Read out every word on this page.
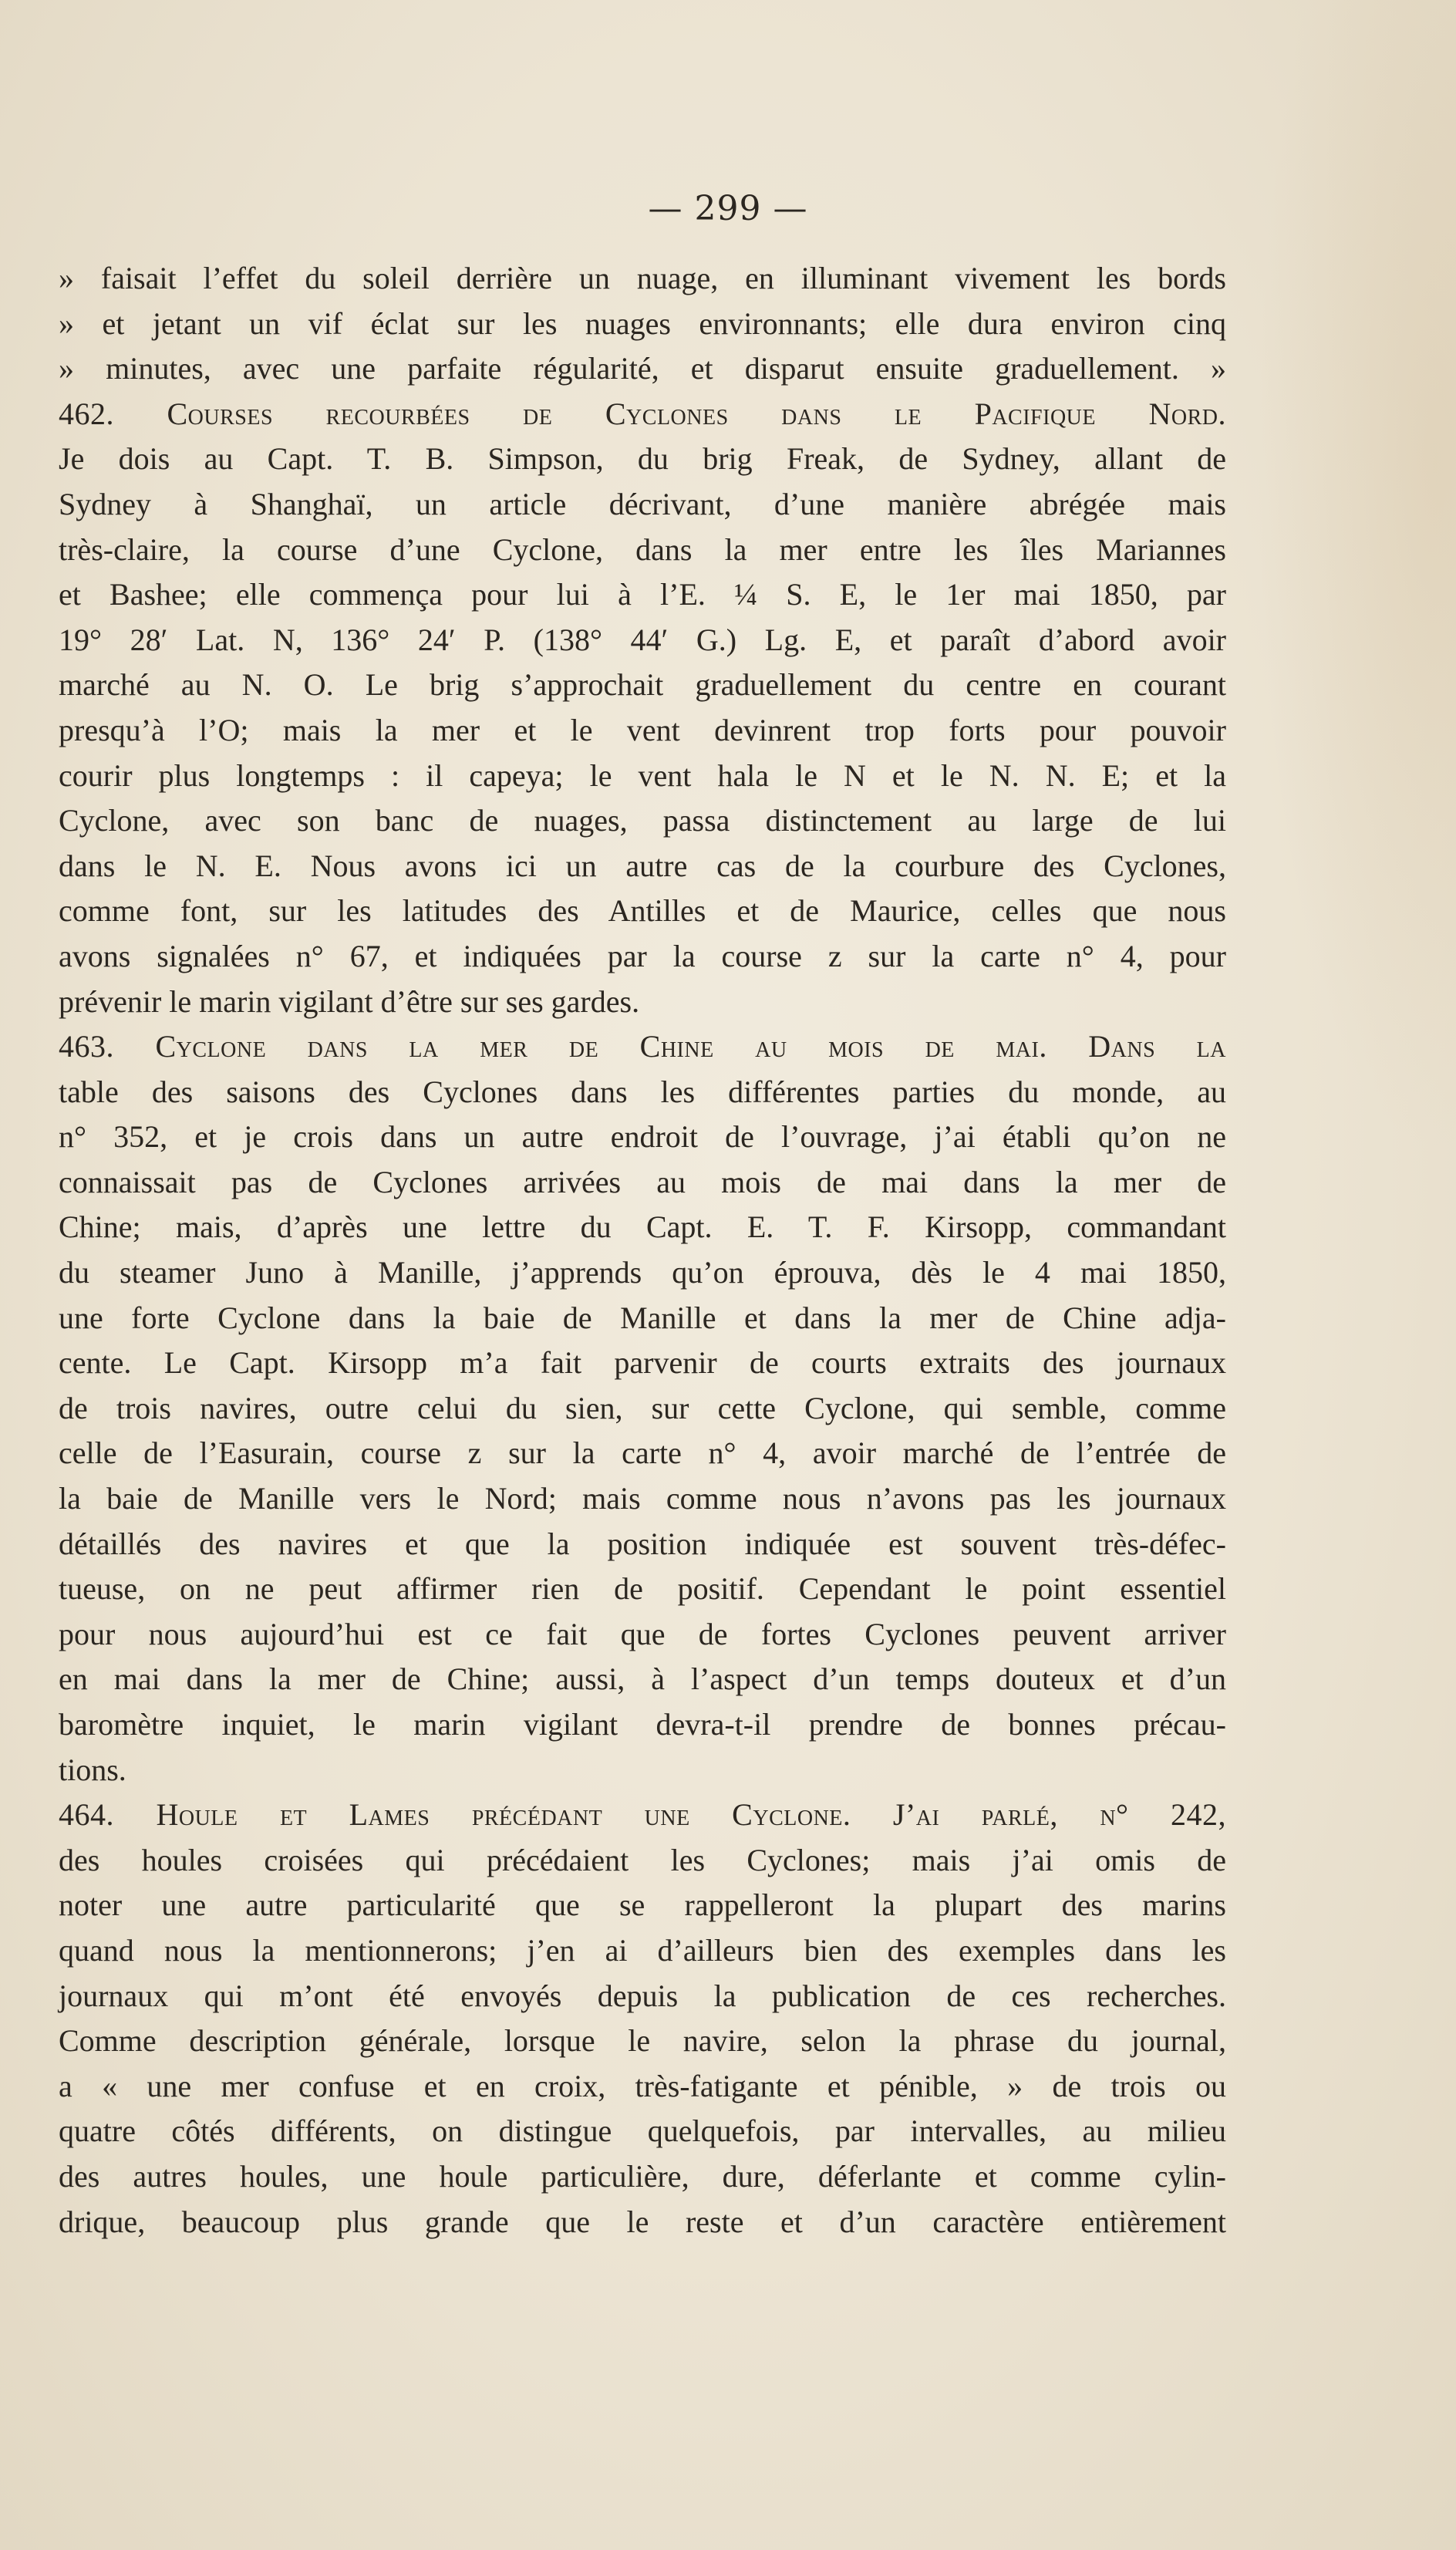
— 299 —
» faisait l’effet du soleil derrière un nuage, en illuminant vivement les bords
» et jetant un vif éclat sur les nuages environnants; elle dura environ cinq
» minutes, avec une parfaite régularité, et disparut ensuite graduellement. »
462. Courses recourbées de Cyclones dans le Pacifique Nord.
Je dois au Capt. T. B. Simpson, du brig Freak, de Sydney, allant de
Sydney à Shanghaï, un article décrivant, d’une manière abrégée mais
très-claire, la course d’une Cyclone, dans la mer entre les îles Mariannes
et Bashee; elle commença pour lui à l’E. ¼ S. E, le 1er mai 1850, par
19° 28′ Lat. N, 136° 24′ P. (138° 44′ G.) Lg. E, et paraît d’abord avoir
marché au N. O. Le brig s’approchait graduellement du centre en courant
presqu’à l’O; mais la mer et le vent devinrent trop forts pour pouvoir
courir plus longtemps : il capeya; le vent hala le N et le N. N. E; et la
Cyclone, avec son banc de nuages, passa distinctement au large de lui
dans le N. E. Nous avons ici un autre cas de la courbure des Cyclones,
comme font, sur les latitudes des Antilles et de Maurice, celles que nous
avons signalées n° 67, et indiquées par la course z sur la carte n° 4, pour
prévenir le marin vigilant d’être sur ses gardes.
463. Cyclone dans la mer de Chine au mois de mai. Dans la
table des saisons des Cyclones dans les différentes parties du monde, au
n° 352, et je crois dans un autre endroit de l’ouvrage, j’ai établi qu’on ne
connaissait pas de Cyclones arrivées au mois de mai dans la mer de
Chine; mais, d’après une lettre du Capt. E. T. F. Kirsopp, commandant
du steamer Juno à Manille, j’apprends qu’on éprouva, dès le 4 mai 1850,
une forte Cyclone dans la baie de Manille et dans la mer de Chine adja-
cente. Le Capt. Kirsopp m’a fait parvenir de courts extraits des journaux
de trois navires, outre celui du sien, sur cette Cyclone, qui semble, comme
celle de l’Easurain, course z sur la carte n° 4, avoir marché de l’entrée de
la baie de Manille vers le Nord; mais comme nous n’avons pas les journaux
détaillés des navires et que la position indiquée est souvent très-défec-
tueuse, on ne peut affirmer rien de positif. Cependant le point essentiel
pour nous aujourd’hui est ce fait que de fortes Cyclones peuvent arriver
en mai dans la mer de Chine; aussi, à l’aspect d’un temps douteux et d’un
baromètre inquiet, le marin vigilant devra-t-il prendre de bonnes précau-
tions.
464. Houle et Lames précédant une Cyclone. J’ai parlé, n° 242,
des houles croisées qui précédaient les Cyclones; mais j’ai omis de
noter une autre particularité que se rappelleront la plupart des marins
quand nous la mentionnerons; j’en ai d’ailleurs bien des exemples dans les
journaux qui m’ont été envoyés depuis la publication de ces recherches.
Comme description générale, lorsque le navire, selon la phrase du journal,
a « une mer confuse et en croix, très-fatigante et pénible, » de trois ou
quatre côtés différents, on distingue quelquefois, par intervalles, au milieu
des autres houles, une houle particulière, dure, déferlante et comme cylin-
drique, beaucoup plus grande que le reste et d’un caractère entièrement
